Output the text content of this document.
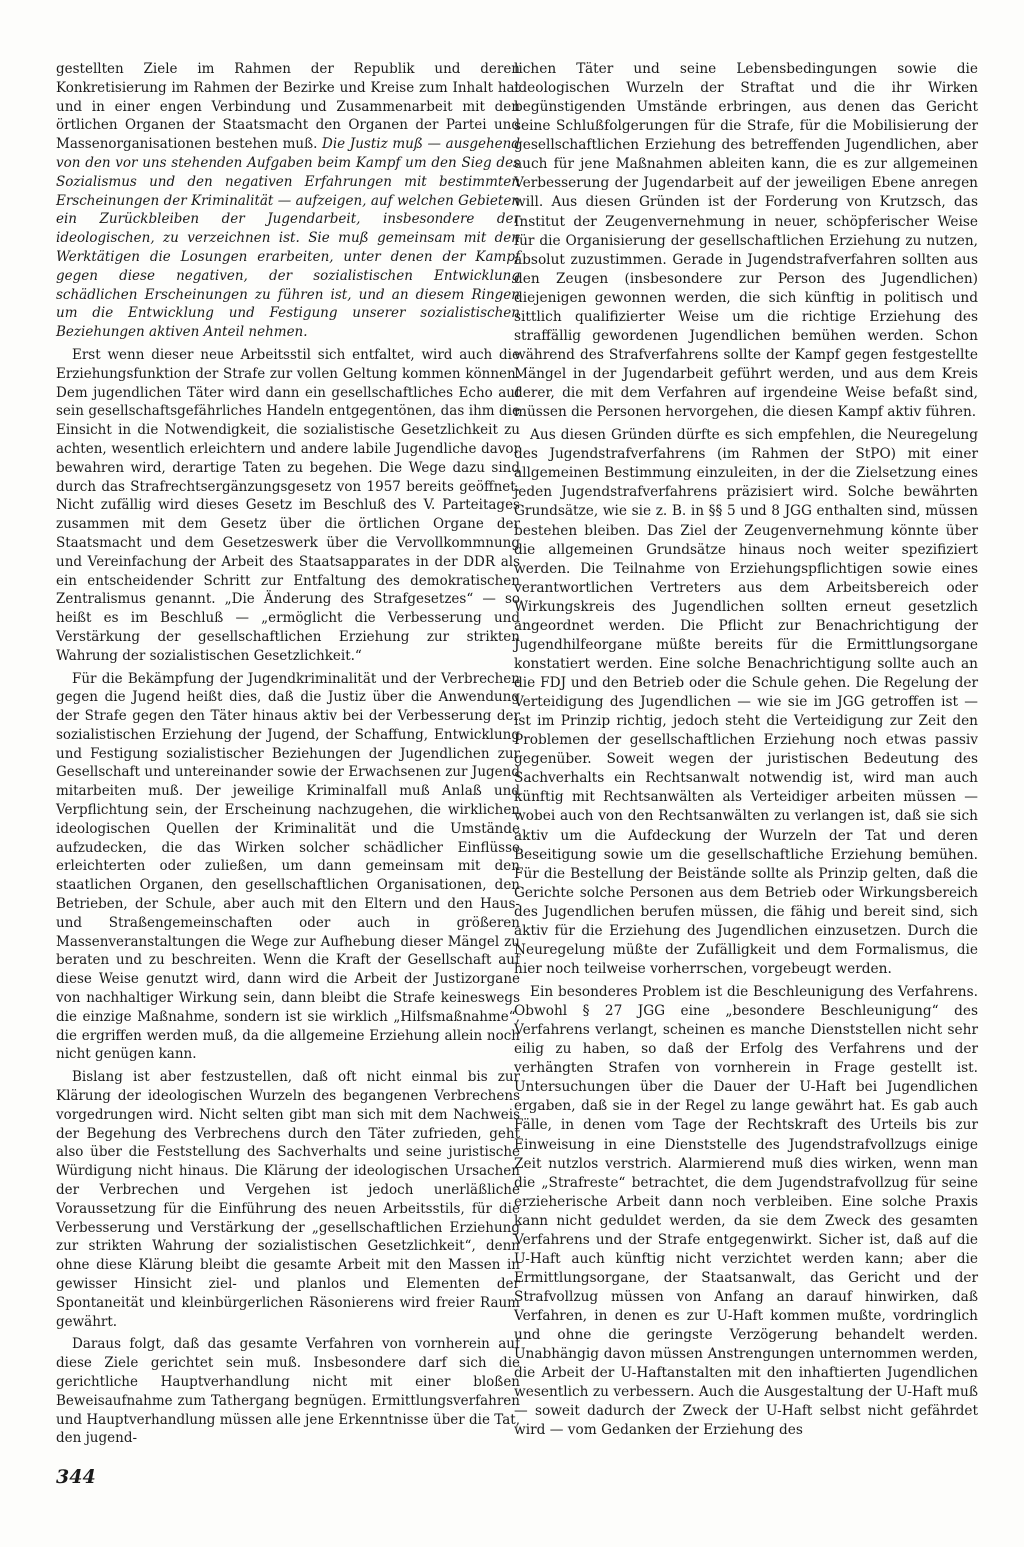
gestellten Ziele im Rahmen der Republik und deren Konkretisierung im Rahmen der Bezirke und Kreise zum Inhalt hat und in einer engen Verbindung und Zusammenarbeit mit den örtlichen Organen der Staatsmacht den Organen der Partei und Massenorganisationen bestehen muß. Die Justiz muß — ausgehend von den vor uns stehenden Aufgaben beim Kampf um den Sieg des Sozialismus und den negativen Erfahrungen mit bestimmten Erscheinungen der Kriminalität — aufzeigen, auf welchen Gebieten ein Zurückbleiben der Jugendarbeit, insbesondere der ideologischen, zu verzeichnen ist. Sie muß gemeinsam mit den Werktätigen die Losungen erarbeiten, unter denen der Kampf gegen diese negativen, der sozialistischen Entwicklung schädlichen Erscheinungen zu führen ist, und an diesem Ringen um die Entwicklung und Festigung unserer sozialistischen Beziehungen aktiven Anteil nehmen.

Erst wenn dieser neue Arbeitsstil sich entfaltet, wird auch die Erziehungsfunktion der Strafe zur vollen Geltung kommen können. Dem jugendlichen Täter wird dann ein gesellschaftliches Echo auf sein gesellschaftsgefährliches Handeln entgegentönen, das ihm die Einsicht in die Notwendigkeit, die sozialistische Gesetzlichkeit zu achten, wesentlich erleichtern und andere labile Jugendliche davor bewahren wird, derartige Taten zu begehen. Die Wege dazu sind durch das Strafrechtsergänzungsgesetz von 1957 bereits geöffnet. Nicht zufällig wird dieses Gesetz im Beschluß des V. Parteitages zusammen mit dem Gesetz über die örtlichen Organe der Staatsmacht und dem Gesetzeswerk über die Vervollkommnung und Vereinfachung der Arbeit des Staatsapparates in der DDR als ein entscheidender Schritt zur Entfaltung des demokratischen Zentralismus genannt. „Die Änderung des Strafgesetzes“ — so heißt es im Beschluß — „ermöglicht die Verbesserung und Verstärkung der gesellschaftlichen Erziehung zur strikten Wahrung der sozialistischen Gesetzlichkeit.“

Für die Bekämpfung der Jugendkriminalität und der Verbrechen gegen die Jugend heißt dies, daß die Justiz über die Anwendung der Strafe gegen den Täter hinaus aktiv bei der Verbesserung der sozialistischen Erziehung der Jugend, der Schaffung, Entwicklung und Festigung sozialistischer Beziehungen der Jugendlichen zur Gesellschaft und untereinander sowie der Erwachsenen zur Jugend mitarbeiten muß. Der jeweilige Kriminalfall muß Anlaß und Verpflichtung sein, der Erscheinung nachzugehen, die wirklichen ideologischen Quellen der Kriminalität und die Umstände aufzudecken, die das Wirken solcher schädlicher Einflüsse erleichterten oder zuließen, um dann gemeinsam mit den staatlichen Organen, den gesellschaftlichen Organisationen, den Betrieben, der Schule, aber auch mit den Eltern und den Haus- und Straßengemeinschaften oder auch in größeren Massenveranstaltungen die Wege zur Aufhebung dieser Mängel zu beraten und zu beschreiten. Wenn die Kraft der Gesellschaft auf diese Weise genutzt wird, dann wird die Arbeit der Justizorgane von nachhaltiger Wirkung sein, dann bleibt die Strafe keineswegs die einzige Maßnahme, sondern ist sie wirklich „Hilfsmaßnahme“, die ergriffen werden muß, da die allgemeine Erziehung allein noch nicht genügen kann.

Bislang ist aber festzustellen, daß oft nicht einmal bis zur Klärung der ideologischen Wurzeln des begangenen Verbrechens vorgedrungen wird. Nicht selten gibt man sich mit dem Nachweis der Begehung des Verbrechens durch den Täter zufrieden, geht also über die Feststellung des Sachverhalts und seine juristische Würdigung nicht hinaus. Die Klärung der ideologischen Ursachen der Verbrechen und Vergehen ist jedoch unerläßliche Voraussetzung für die Einführung des neuen Arbeitsstils, für die Verbesserung und Verstärkung der „gesellschaftlichen Erziehung zur strikten Wahrung der sozialistischen Gesetzlichkeit“, denn ohne diese Klärung bleibt die gesamte Arbeit mit den Massen in gewisser Hinsicht ziel- und planlos und Elementen der Spontaneität und kleinbürgerlichen Räsonierens wird freier Raum gewährt.

Daraus folgt, daß das gesamte Verfahren von vornherein auf diese Ziele gerichtet sein muß. Insbesondere darf sich die gerichtliche Hauptverhandlung nicht mit einer bloßen Beweisaufnahme zum Tathergang begnügen. Ermittlungsverfahren und Hauptverhandlung müssen alle jene Erkenntnisse über die Tat, den jugend-

lichen Täter und seine Lebensbedingungen sowie die ideologischen Wurzeln der Straftat und die ihr Wirken begünstigenden Umstände erbringen, aus denen das Gericht seine Schlußfolgerungen für die Strafe, für die Mobilisierung der gesellschaftlichen Erziehung des betreffenden Jugendlichen, aber auch für jene Maßnahmen ableiten kann, die es zur allgemeinen Verbesserung der Jugendarbeit auf der jeweiligen Ebene anregen will. Aus diesen Gründen ist der Forderung von Krutzsch, das Institut der Zeugenvernehmung in neuer, schöpferischer Weise für die Organisierung der gesellschaftlichen Erziehung zu nutzen, absolut zuzustimmen. Gerade in Jugendstrafverfahren sollten aus den Zeugen (insbesondere zur Person des Jugendlichen) diejenigen gewonnen werden, die sich künftig in politisch und sittlich qualifizierter Weise um die richtige Erziehung des straffällig gewordenen Jugendlichen bemühen werden. Schon während des Strafverfahrens sollte der Kampf gegen festgestellte Mängel in der Jugendarbeit geführt werden, und aus dem Kreis derer, die mit dem Verfahren auf irgendeine Weise befaßt sind, müssen die Personen hervorgehen, die diesen Kampf aktiv führen.

Aus diesen Gründen dürfte es sich empfehlen, die Neuregelung des Jugendstrafverfahrens (im Rahmen der StPO) mit einer allgemeinen Bestimmung einzuleiten, in der die Zielsetzung eines jeden Jugendstrafverfahrens präzisiert wird. Solche bewährten Grundsätze, wie sie z. B. in §§ 5 und 8 JGG enthalten sind, müssen bestehen bleiben. Das Ziel der Zeugenvernehmung könnte über die allgemeinen Grundsätze hinaus noch weiter spezifiziert werden. Die Teilnahme von Erziehungspflichtigen sowie eines verantwortlichen Vertreters aus dem Arbeitsbereich oder Wirkungskreis des Jugendlichen sollten erneut gesetzlich angeordnet werden. Die Pflicht zur Benachrichtigung der Jugendhilfeorgane müßte bereits für die Ermittlungsorgane konstatiert werden. Eine solche Benachrichtigung sollte auch an die FDJ und den Betrieb oder die Schule gehen. Die Regelung der Verteidigung des Jugendlichen — wie sie im JGG getroffen ist — ist im Prinzip richtig, jedoch steht die Verteidigung zur Zeit den Problemen der gesellschaftlichen Erziehung noch etwas passiv gegenüber. Soweit wegen der juristischen Bedeutung des Sachverhalts ein Rechtsanwalt notwendig ist, wird man auch künftig mit Rechtsanwälten als Verteidiger arbeiten müssen — wobei auch von den Rechtsanwälten zu verlangen ist, daß sie sich aktiv um die Aufdeckung der Wurzeln der Tat und deren Beseitigung sowie um die gesellschaftliche Erziehung bemühen. Für die Bestellung der Beistände sollte als Prinzip gelten, daß die Gerichte solche Personen aus dem Betrieb oder Wirkungsbereich des Jugendlichen berufen müssen, die fähig und bereit sind, sich aktiv für die Erziehung des Jugendlichen einzusetzen. Durch die Neuregelung müßte der Zufälligkeit und dem Formalismus, die hier noch teilweise vorherrschen, vorgebeugt werden.

Ein besonderes Problem ist die Beschleunigung des Verfahrens. Obwohl § 27 JGG eine „besondere Beschleunigung“ des Verfahrens verlangt, scheinen es manche Dienststellen nicht sehr eilig zu haben, so daß der Erfolg des Verfahrens und der verhängten Strafen von vornherein in Frage gestellt ist. Untersuchungen über die Dauer der U-Haft bei Jugendlichen ergaben, daß sie in der Regel zu lange gewährt hat. Es gab auch Fälle, in denen vom Tage der Rechtskraft des Urteils bis zur Einweisung in eine Dienststelle des Jugendstrafvollzugs einige Zeit nutzlos verstrich. Alarmierend muß dies wirken, wenn man die „Strafreste“ betrachtet, die dem Jugendstrafvollzug für seine erzieherische Arbeit dann noch verbleiben. Eine solche Praxis kann nicht geduldet werden, da sie dem Zweck des gesamten Verfahrens und der Strafe entgegenwirkt. Sicher ist, daß auf die U-Haft auch künftig nicht verzichtet werden kann; aber die Ermittlungsorgane, der Staatsanwalt, das Gericht und der Strafvollzug müssen von Anfang an darauf hinwirken, daß Verfahren, in denen es zur U-Haft kommen mußte, vordringlich und ohne die geringste Verzögerung behandelt werden. Unabhängig davon müssen Anstrengungen unternommen werden, die Arbeit der U-Haftanstalten mit den inhaftierten Jugendlichen wesentlich zu verbessern. Auch die Ausgestaltung der U-Haft muß — soweit dadurch der Zweck der U-Haft selbst nicht gefährdet wird — vom Gedanken der Erziehung des

344
